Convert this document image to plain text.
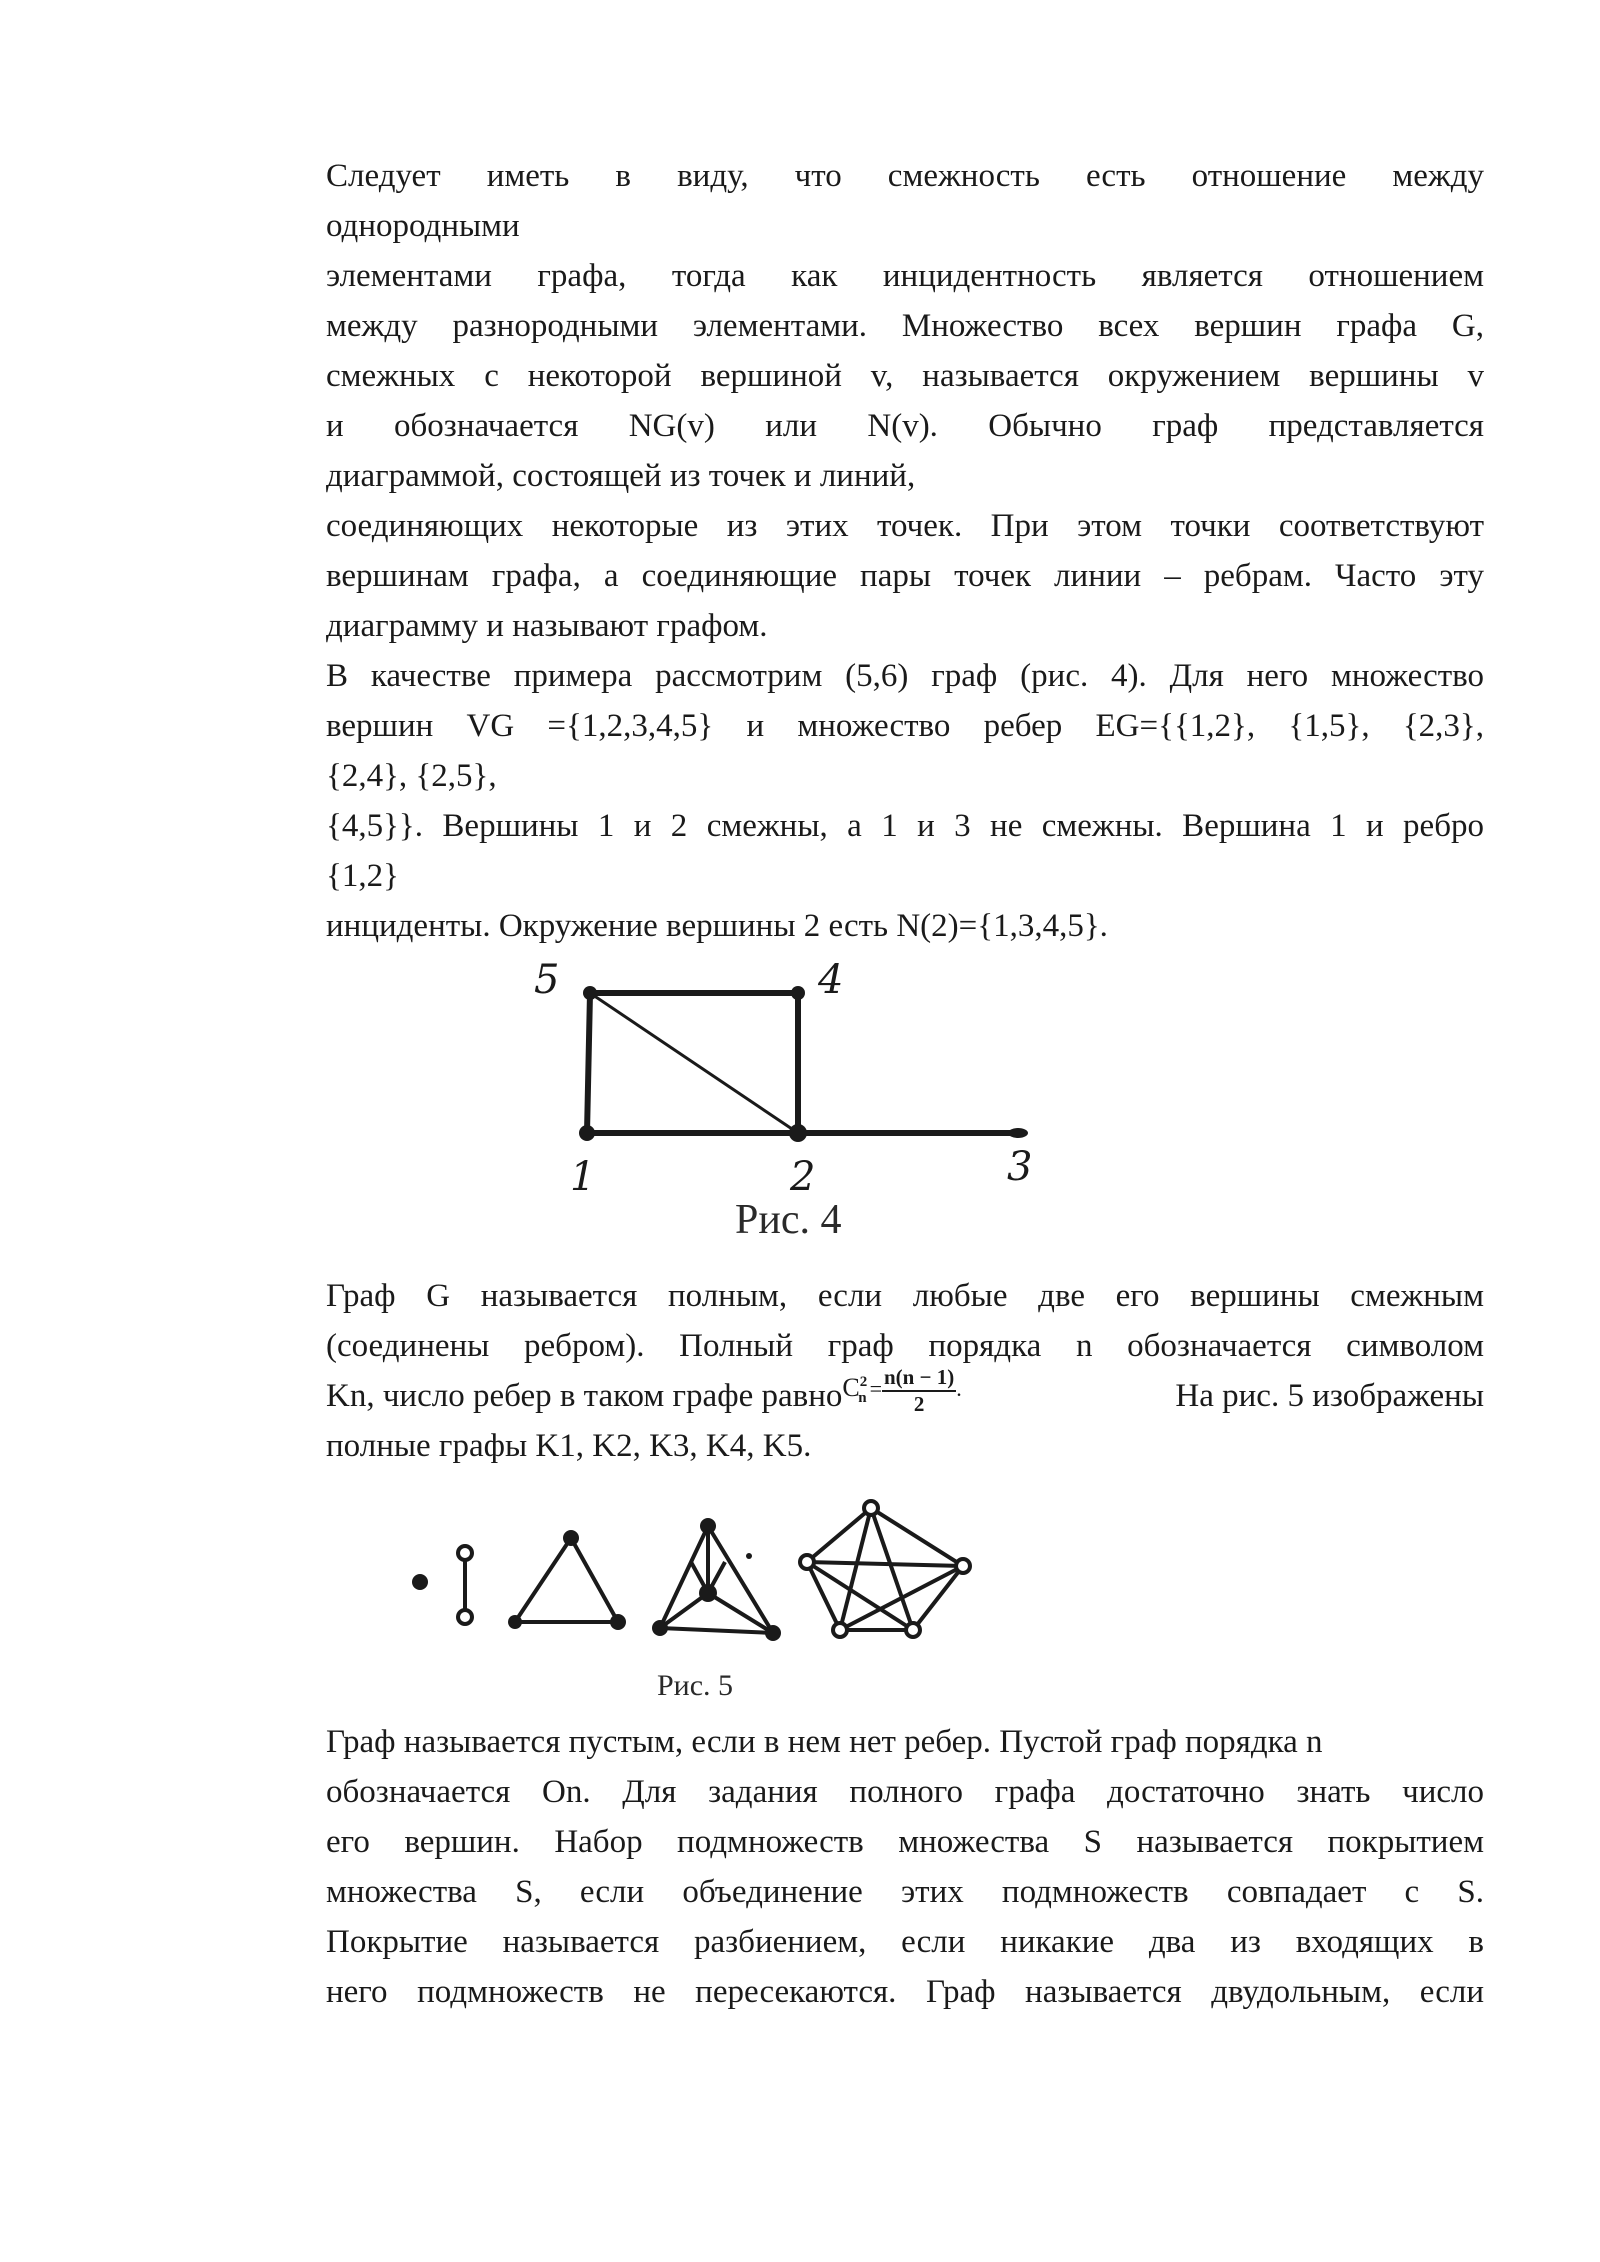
Следует иметь в виду, что смежность есть отношение между
однородными
элементами графа, тогда как инцидентность является отношением
между разнородными элементами. Множество всех вершин графа G,
смежных с некоторой вершиной v, называется окружением вершины v
и обозначается NG(v) или N(v). Обычно граф представляется
диаграммой, состоящей из точек и линий,
соединяющих некоторые из этих точек. При этом точки соответствуют
вершинам графа, а соединяющие пары точек линии – ребрам. Часто эту
диаграмму и называют графом.
В качестве примера рассмотрим (5,6) граф (рис. 4). Для него множество
вершин VG ={1,2,3,4,5} и множество ребер EG={{1,2}, {1,5}, {2,3},
{2,4}, {2,5},
{4,5}}. Вершины 1 и 2 смежны, а 1 и 3 не смежны. Вершина 1 и ребро
{1,2}
инциденты. Окружение вершины 2 есть N(2)={1,3,4,5}.
5	4
1	2	3
Рис. 4
Граф G называется полным, если любые две его вершины смежным
(соединены ребром). Полный граф порядка n обозначается символом
Kn, число ребер в таком графе равноC$^2_n$ = $\frac{n(n - 1)}{2}$ .	На рис. 5 изображены
полные графы K1, K2, K3, K4, K5.
Рис. 5
Граф называется пустым, если в нем нет ребер. Пустой граф порядка n
обозначается On. Для задания полного графа достаточно знать число
его вершин. Набор подмножеств множества S называется покрытием
множества S, если объединение этих подмножеств совпадает с S.
Покрытие называется разбиением, если никакие два из входящих в
него подмножеств не пересекаются. Граф называется двудольным, если
